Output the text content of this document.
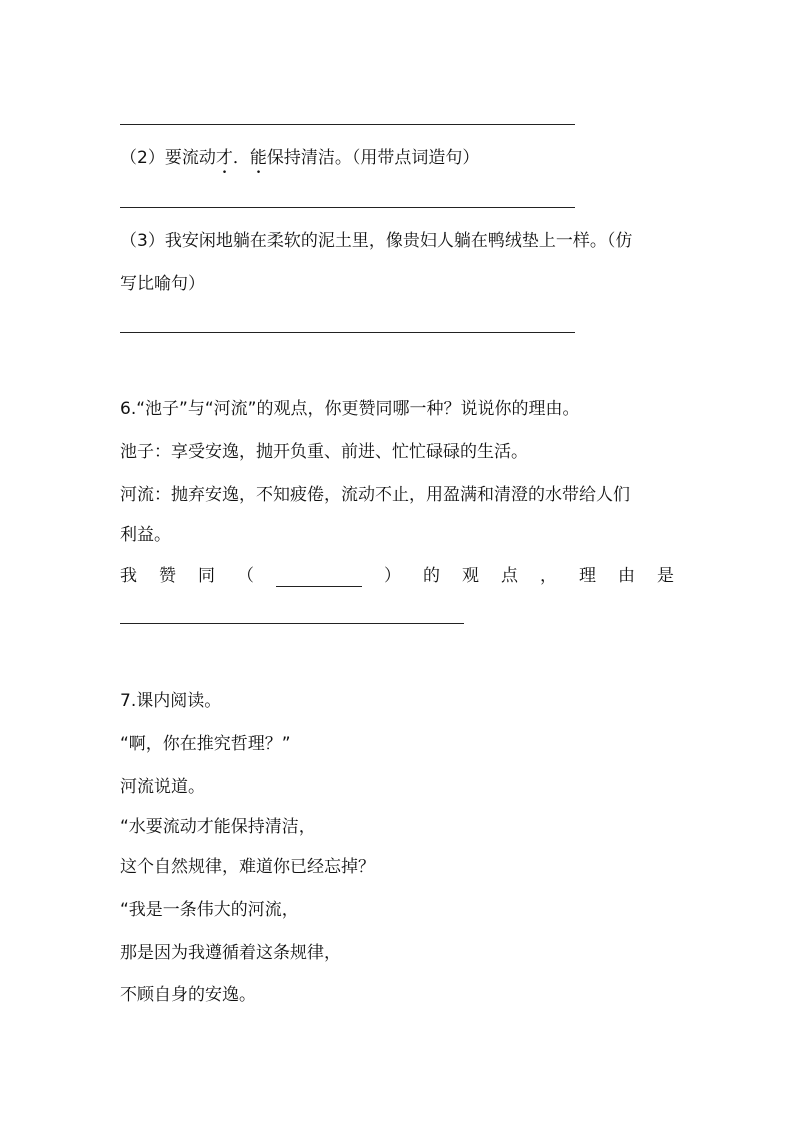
（2）要流动才．能保持清洁。（用带点词造句）
（3）我安闲地躺在柔软的泥土里，像贵妇人躺在鸭绒垫上一样。（仿
写比喻句）
6.“池子”与“河流”的观点，你更赞同哪一种？说说你的理由。
池子：享受安逸，抛开负重、前进、忙忙碌碌的生活。
河流：抛弃安逸，不知疲倦，流动不止，用盈满和清澄的水带给人们
利益。
我 赞 同 （	） 的 观 点 ， 理 由 是
7.课内阅读。
“啊，你在推究哲理？”
河流说道。
“水要流动才能保持清洁，
这个自然规律，难道你已经忘掉？
“我是一条伟大的河流，
那是因为我遵循着这条规律，
不顾自身的安逸。
